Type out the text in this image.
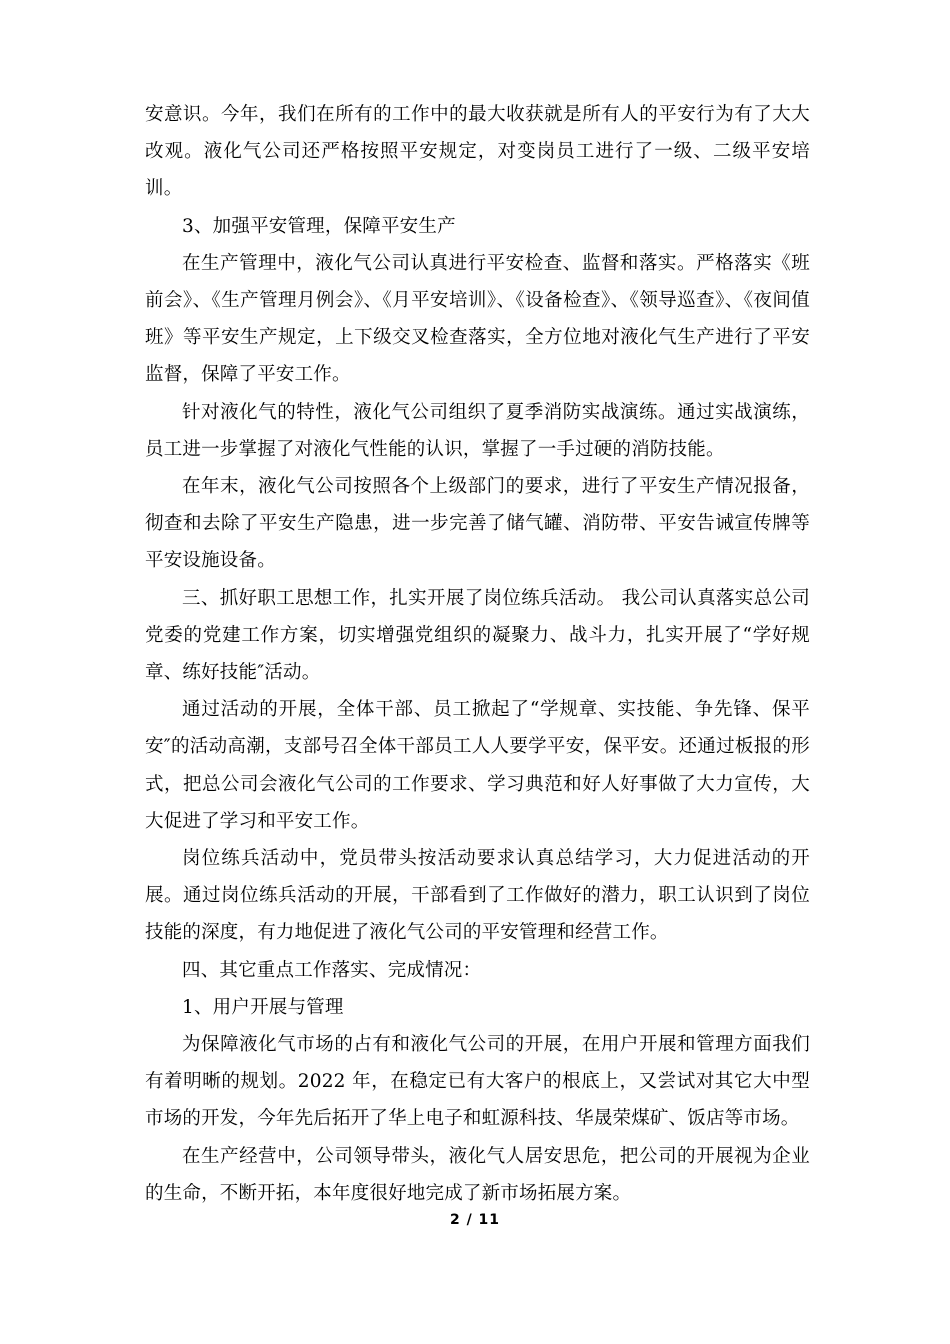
安意识。今年，我们在所有的工作中的最大收获就是所有人的平安行为有了大大改观。液化气公司还严格按照平安规定，对变岗员工进行了一级、二级平安培训。

3、加强平安管理，保障平安生产

在生产管理中，液化气公司认真进行平安检查、监督和落实。严格落实《班前会》、《生产管理月例会》、《月平安培训》、《设备检查》、《领导巡查》、《夜间值班》等平安生产规定，上下级交叉检查落实，全方位地对液化气生产进行了平安监督，保障了平安工作。

针对液化气的特性，液化气公司组织了夏季消防实战演练。通过实战演练，员工进一步掌握了对液化气性能的认识，掌握了一手过硬的消防技能。

在年末，液化气公司按照各个上级部门的要求，进行了平安生产情况报备，彻查和去除了平安生产隐患，进一步完善了储气罐、消防带、平安告诫宣传牌等平安设施设备。

三、抓好职工思想工作，扎实开展了岗位练兵活动。 我公司认真落实总公司党委的党建工作方案，切实增强党组织的凝聚力、战斗力，扎实开展了“学好规章、练好技能″活动。

通过活动的开展，全体干部、员工掀起了“学规章、实技能、争先锋、保平安″的活动高潮，支部号召全体干部员工人人要学平安，保平安。还通过板报的形式，把总公司会液化气公司的工作要求、学习典范和好人好事做了大力宣传，大大促进了学习和平安工作。

岗位练兵活动中，党员带头按活动要求认真总结学习，大力促进活动的开展。通过岗位练兵活动的开展，干部看到了工作做好的潜力，职工认识到了岗位技能的深度，有力地促进了液化气公司的平安管理和经营工作。

四、其它重点工作落实、完成情况：

1、用户开展与管理

为保障液化气市场的占有和液化气公司的开展，在用户开展和管理方面我们有着明晰的规划。2022 年，在稳定已有大客户的根底上，又尝试对其它大中型市场的开发，今年先后拓开了华上电子和虹源科技、华晟荣煤矿、饭店等市场。

在生产经营中，公司领导带头，液化气人居安思危，把公司的开展视为企业的生命，不断开拓，本年度很好地完成了新市场拓展方案。

2 / 11
